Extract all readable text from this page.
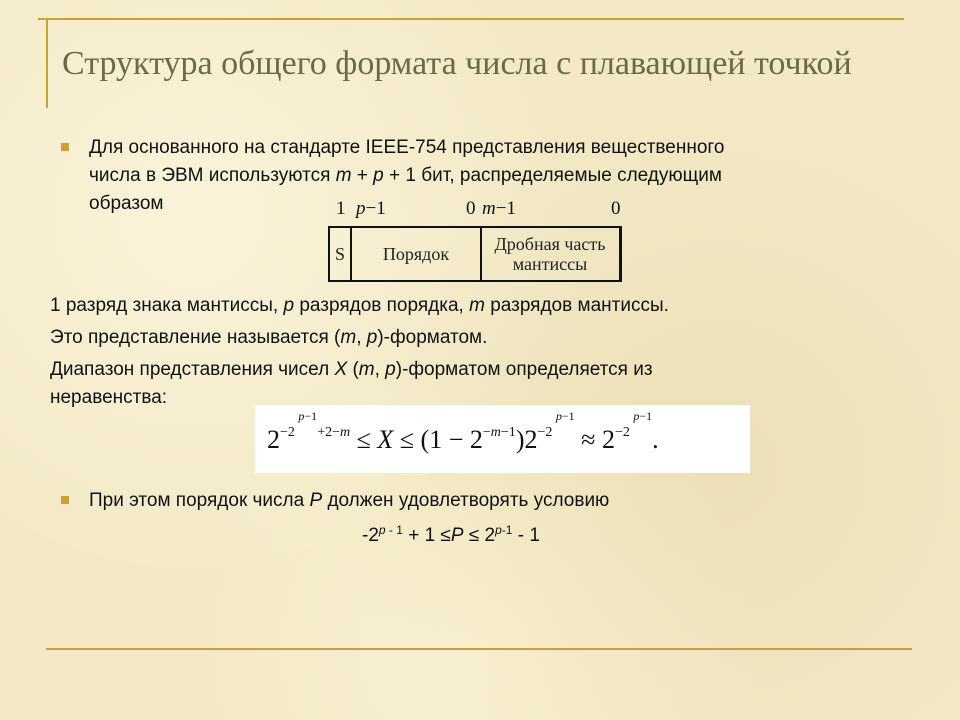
Структура общего формата числа с плавающей точкой
Для основанного на стандарте IEEE-754 представления вещественного
числа в ЭВМ используются m + p + 1 бит, распределяемые следующим
образом	1 p−1	0 m−1	0
S	Порядок	Дробная часть мантиссы
1 разряд знака мантиссы, p разрядов порядка, m разрядов мантиссы.
Это представление называется (m, p)-форматом.
Диапазон представления чисел X (m, p)-форматом определяется из
неравенства:
$2^{-2 p-1+2-m} \le X \le (1 - 2^{-m-1})2^{-2 p-1} \approx 2^{-2 p-1}$.
При этом порядок числа P должен удовлетворять условию
$-2^{p - 1} + 1 \le P \le 2^{p-1} - 1$
